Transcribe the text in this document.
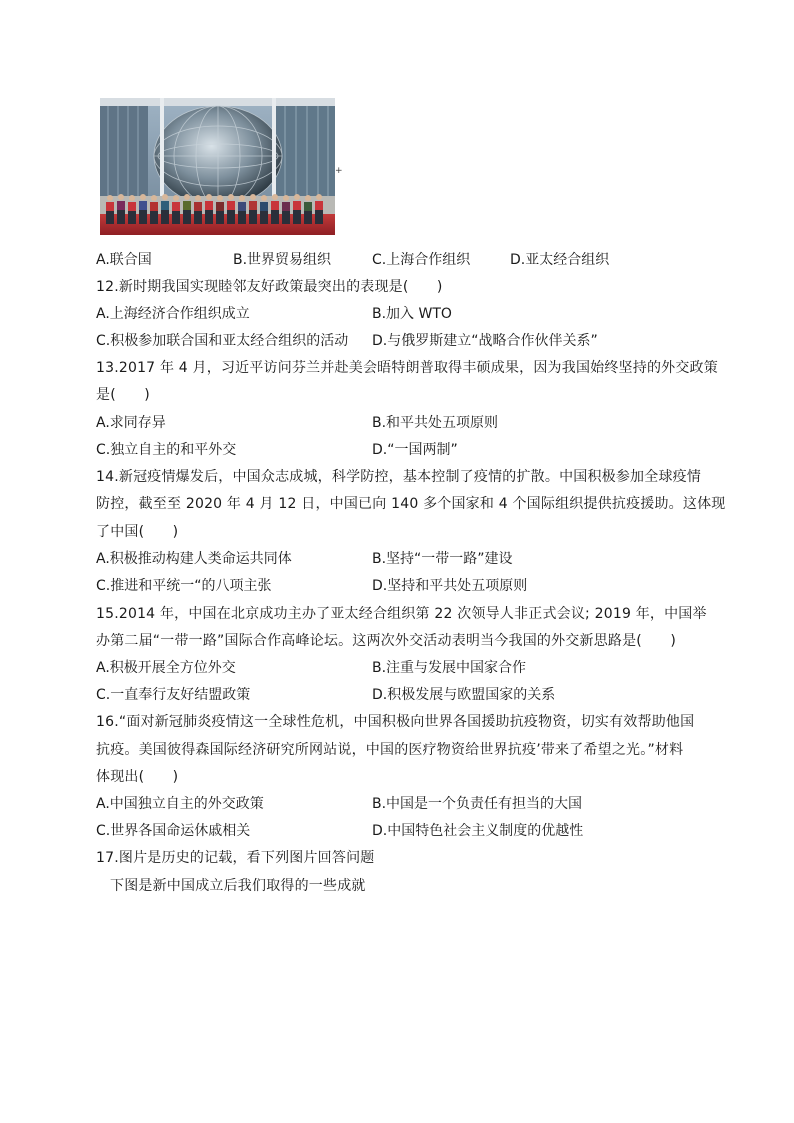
+
A.联合国	B.世界贸易组织	C.上海合作组织	D.亚太经合组织
12.新时期我国实现睦邻友好政策最突出的表现是(　　)
A.上海经济合作组织成立	B.加入 WTO
C.积极参加联合国和亚太经合组织的活动 D.与俄罗斯建立“战略合作伙伴关系”
13.2017 年 4 月，习近平访问芬兰并赴美会晤特朗普取得丰硕成果，因为我国始终坚持的外交政策
是(　　)
A.求同存异	B.和平共处五项原则
C.独立自主的和平外交	D.“一国两制”
14.新冠疫情爆发后，中国众志成城，科学防控，基本控制了疫情的扩散。中国积极参加全球疫情
防控，截至至 2020 年 4 月 12 日，中国已向 140 多个国家和 4 个国际组织提供抗疫援助。这体现
了中国(　　)
A.积极推动构建人类命运共同体	B.坚持“一带一路”建设
C.推进和平统一“的八项主张	D.坚持和平共处五项原则
15.2014 年，中国在北京成功主办了亚太经合组织第 22 次领导人非正式会议; 2019 年，中国举
办第二届“一带一路”国际合作高峰论坛。这两次外交活动表明当今我国的外交新思路是(　　)
A.积极开展全方位外交	B.注重与发展中国家合作
C.一直奉行友好结盟政策	D.积极发展与欧盟国家的关系
16.“面对新冠肺炎疫情这一全球性危机，中国积极向世界各国援助抗疫物资，切实有效帮助他国
抗疫。美国彼得森国际经济研究所网站说，中国的医疗物资给世界抗疫’带来了希望之光。”材料
体现出(　　)
A.中国独立自主的外交政策	B.中国是一个负责任有担当的大国
C.世界各国命运休戚相关	D.中国特色社会主义制度的优越性
17.图片是历史的记载，看下列图片回答问题
下图是新中国成立后我们取得的一些成就
